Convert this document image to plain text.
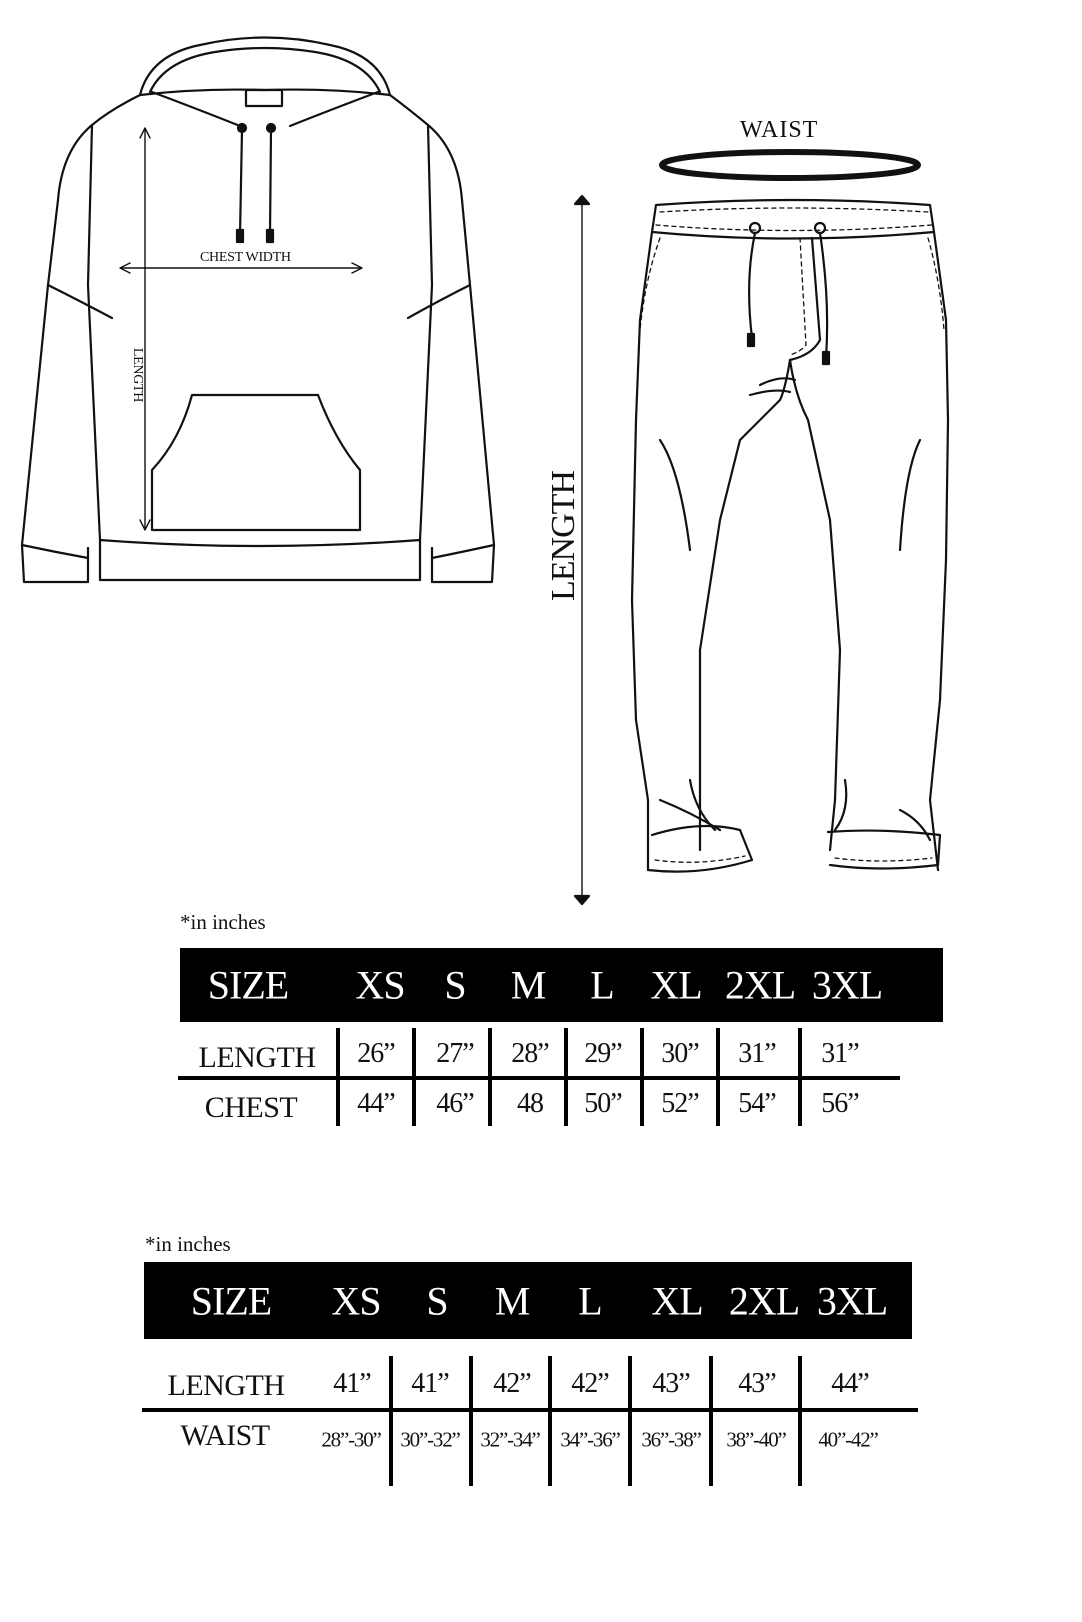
CHEST WIDTH
LENGTH
WAIST
LENGTH
*in inches
SIZE XS S M L XL 2XL 3XL
LENGTH
CHEST
26” 27” 28” 29” 30” 31” 31”
44” 46” 48 50” 52” 54” 56”
*in inches
SIZE XS S M L XL 2XL 3XL
LENGTH
WAIST
41” 41” 42” 42” 43” 43” 44”
28”-30” 30”-32” 32”-34” 34”-36” 36”-38” 38”-40” 40”-42”
